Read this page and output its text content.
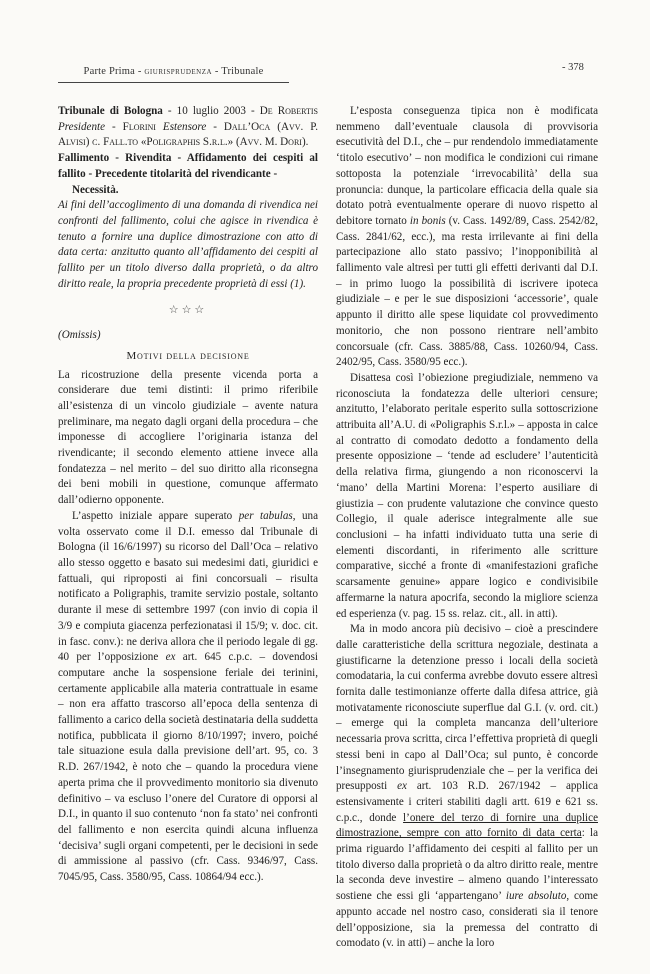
Parte Prima - giurisprudenza - Tribunale	- 378

Tribunale di Bologna - 10 luglio 2003 - De Robertis Presidente - Florini Estensore - Dall’Oca (Avv. P. Alvisi) c. Fall.to «Poligraphis S.r.l.» (Avv. M. Dori).

Fallimento - Rivendita - Affidamento dei cespiti al fallito - Precedente titolarità del rivendicante -
Necessità.

Ai fini dell’accoglimento di una domanda di rivendica nei confronti del fallimento, colui che agisce in rivendica è tenuto a fornire una duplice dimostrazione con atto di data certa: anzitutto quanto all’affidamento dei cespiti al fallito per un titolo diverso dalla proprietà, o da altro diritto reale, la propria precedente proprietà di essi (1).

☆☆☆

(Omissis)

Motivi della decisione

La ricostruzione della presente vicenda porta a considerare due temi distinti: il primo riferibile all’esistenza di un vincolo giudiziale – avente natura preliminare, ma negato dagli organi della procedura – che imponesse di accogliere l’originaria istanza del rivendicante; il secondo elemento attiene invece alla fondatezza – nel merito – del suo diritto alla riconsegna dei beni mobili in questione, comunque affermato dall’odierno opponente.

L’aspetto iniziale appare superato per tabulas, una volta osservato come il D.I. emesso dal Tribunale di Bologna (il 16/6/1997) su ricorso del Dall’Oca – relativo allo stesso oggetto e basato sui medesimi dati, giuridici e fattuali, qui riproposti ai fini concorsuali – risulta notificato a Poligraphis, tramite servizio postale, soltanto durante il mese di settembre 1997 (con invio di copia il 3/9 e compiuta giacenza perfezionatasi il 15/9; v. doc. cit. in fasc. conv.): ne deriva allora che il periodo legale di gg. 40 per l’opposizione ex art. 645 c.p.c. – dovendosi computare anche la sospensione feriale dei terinini, certamente applicabile alla materia contrattuale in esame – non era affatto trascorso all’epoca della sentenza di fallimento a carico della società destinataria della suddetta notifica, pubblicata il giorno 8/10/1997; invero, poiché tale situazione esula dalla previsione dell’art. 95, co. 3 R.D. 267/1942, è noto che – quando la procedura viene aperta prima che il provvedimento monitorio sia divenuto definitivo – va escluso l’onere del Curatore di opporsi al D.I., in quanto il suo contenuto ‘non fa stato’ nei confronti del fallimento e non esercita quindi alcuna influenza ‘decisiva’ sugli organi competenti, per le decisioni in sede di ammissione al passivo (cfr. Cass. 9346/97, Cass. 7045/95, Cass. 3580/95, Cass. 10864/94 ecc.).

L’esposta conseguenza tipica non è modificata nemmeno dall’eventuale clausola di provvisoria esecutività del D.I., che – pur rendendolo immediatamente ‘titolo esecutivo’ – non modifica le condizioni cui rimane sottoposta la potenziale ‘irrevocabilità’ della sua pronuncia: dunque, la particolare efficacia della quale sia dotato potrà eventualmente operare di nuovo rispetto al debitore tornato in bonis (v. Cass. 1492/89, Cass. 2542/82, Cass. 2841/62, ecc.), ma resta irrilevante ai fini della partecipazione allo stato passivo; l’inopponibilità al fallimento vale altresì per tutti gli effetti derivanti dal D.I. – in primo luogo la possibilità di iscrivere ipoteca giudiziale – e per le sue disposizioni ‘accessorie’, quale appunto il diritto alle spese liquidate col provvedimento monitorio, che non possono rientrare nell’ambito concorsuale (cfr. Cass. 3885/88, Cass. 10260/94, Cass. 2402/95, Cass. 3580/95 ecc.).

Disattesa così l’obiezione pregiudiziale, nemmeno va riconosciuta la fondatezza delle ulteriori censure; anzitutto, l’elaborato peritale esperito sulla sottoscrizione attribuita all’A.U. di «Poligraphis S.r.l.» – apposta in calce al contratto di comodato dedotto a fondamento della presente opposizione – ‘tende ad escludere’ l’autenticità della relativa firma, giungendo a non riconoscervi la ‘mano’ della Martini Morena: l’esperto ausiliare di giustizia – con prudente valutazione che convince questo Collegio, il quale aderisce integralmente alle sue conclusioni – ha infatti individuato tutta una serie di elementi discordanti, in riferimento alle scritture comparative, sicché a fronte di «manifestazioni grafiche scarsamente genuine» appare logico e condivisibile affermarne la natura apocrifa, secondo la migliore scienza ed esperienza (v. pag. 15 ss. relaz. cit., all. in atti).

Ma in modo ancora più decisivo – cioè a prescindere dalle caratteristiche della scrittura negoziale, destinata a giustificarne la detenzione presso i locali della società comodataria, la cui conferma avrebbe dovuto essere altresì fornita dalle testimonianze offerte dalla difesa attrice, già motivatamente riconosciute superflue dal G.I. (v. ord. cit.) – emerge qui la completa mancanza dell’ulteriore necessaria prova scritta, circa l’effettiva proprietà di quegli stessi beni in capo al Dall’Oca; sul punto, è concorde l’insegnamento giurisprudenziale che – per la verifica dei presupposti ex art. 103 R.D. 267/1942 – applica estensivamente i criteri stabiliti dagli artt. 619 e 621 ss. c.p.c., donde l’onere del terzo di fornire una duplice dimostrazione, sempre con atto fornito di data certa: la prima riguardo l’affidamento dei cespiti al fallito per un titolo diverso dalla proprietà o da altro diritto reale, mentre la seconda deve investire – almeno quando l’interessato sostiene che essi gli ‘appartengano’ iure absoluto, come appunto accade nel nostro caso, considerati sia il tenore dell’opposizione, sia la premessa del contratto di comodato (v. in atti) – anche la loro
